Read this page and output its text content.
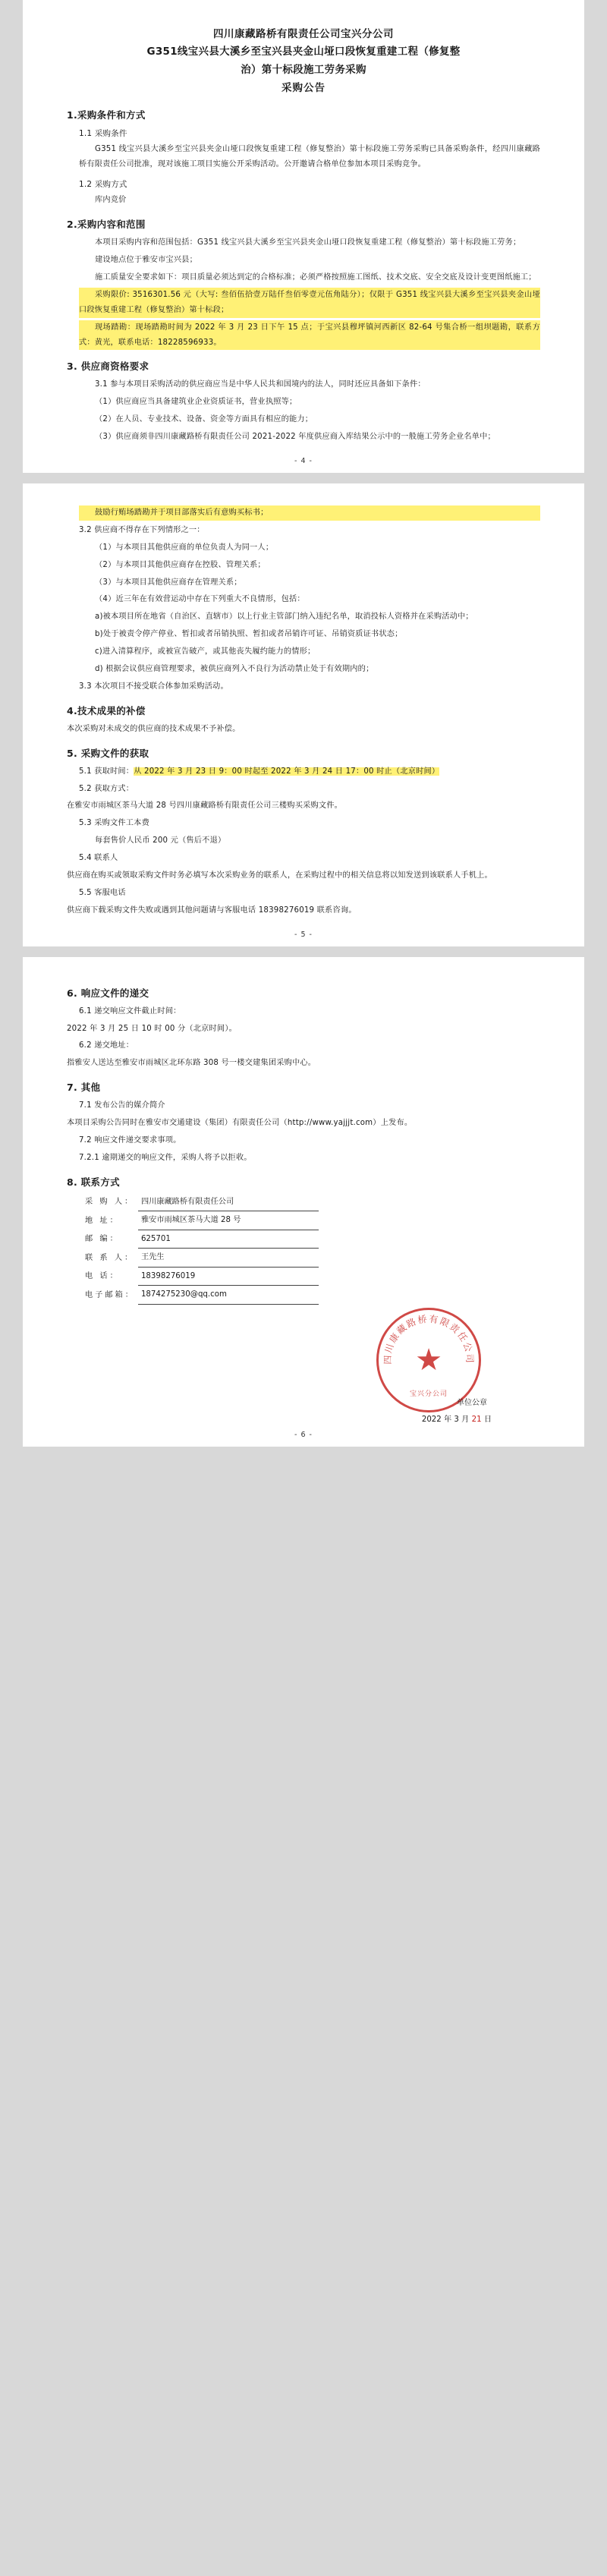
四川康藏路桥有限责任公司宝兴分公司
G351线宝兴县大溪乡至宝兴县夹金山垭口段恢复重建工程（修复整
治）第十标段施工劳务采购
采购公告
1.采购条件和方式
1.1 采购条件

G351 线宝兴县大溪乡至宝兴县夹金山垭口段恢复重建工程（修复整治）第十标段施工劳务采购已具备采购条件，经四川康藏路桥有限责任公司批准，现对该施工项目实施公开采购活动。公开邀请合格单位参加本项目采购竞争。

1.2 采购方式

库内竞价

2.采购内容和范围

本项目采购内容和范围包括：G351 线宝兴县大溪乡至宝兴县夹金山垭口段恢复重建工程（修复整治）第十标段施工劳务；

建设地点位于雅安市宝兴县；

施工质量安全要求如下：项目质量必须达到定的合格标准；必须严格按照施工图纸、技术交底、安全交底及设计变更图纸施工；

采购限价: 3516301.56 元（大写: 叁佰伍拾壹万陆仟叁佰零壹元伍角陆分）；仅限于 G351 线宝兴县大溪乡至宝兴县夹金山垭口段恢复重建工程（修复整治）第十标段；

现场踏勘：现场踏勘时间为 2022 年 3 月 23 日下午 15 点；于宝兴县穆坪镇河西新区 82-64 号集合桥一组坝题勘，联系方式：黄光，联系电话：18228596933。

3. 供应商资格要求

3.1 参与本项目采购活动的供应商应当是中华人民共和国境内的法人，同时还应具备如下条件：

（1）供应商应当具备建筑业企业资质证书，营业执照等；

（2）在人员、专业技术、设备、资金等方面具有相应的能力；

（3）供应商须非四川康藏路桥有限责任公司 2021-2022 年度供应商入库结果公示中的一般施工劳务企业名单中；

- 4 -

鼓励行贿场踏勘并于项目部落实后有意购买标书；

3.2 供应商不得存在下列情形之一：

（1）与本项目其他供应商的单位负责人为同一人；

（2）与本项目其他供应商存在控股、管理关系；

（3）与本项目其他供应商存在管理关系；

（4）近三年在有效营运动中存在下列重大不良情形，包括：

a)被本项目所在地省（自治区、直辖市）以上行业主管部门纳入违纪名单，取消投标人资格并在采购活动中；

b)处于被责令停产停业、暂扣或者吊销执照、暂扣或者吊销许可证、吊销资质证书状态；

c)进入清算程序，或被宣告破产，或其他丧失履约能力的情形；

d) 根据会议供应商管理要求，被供应商列入不良行为活动禁止处于有效期内的；

3.3 本次项目不接受联合体参加采购活动。

4.技术成果的补偿

本次采购对未成交的供应商的技术成果不予补偿。

5. 采购文件的获取

5.1 获取时间：从 2022 年 3 月 23 日 9：00 时起至 2022 年 3 月 24 日 17：00 时止（北京时间）

5.2 获取方式：

在雅安市雨城区茶马大道 28 号四川康藏路桥有限责任公司三楼购买采购文件。

5.3 采购文件工本费

每套售价人民币 200 元（售后不退）

5.4 联系人

供应商在购买或领取采购文件时务必填写本次采购业务的联系人，在采购过程中的相关信息将以知发送到该联系人手机上。

5.5 客服电话

供应商下载采购文件失败或遇到其他问题请与客服电话 18398276019 联系咨询。

- 5 -
6. 响应文件的递交

6.1 递交响应文件截止时间：

2022 年 3 月 25 日 10 时 00 分（北京时间）。

6.2 递交地址：

指雅安人送达至雅安市雨城区北环东路 308 号一楼交建集团采购中心。

7. 其他

7.1 发布公告的媒介简介

本项目采购公告同时在雅安市交通建设（集团）有限责任公司（http://www.yajjjt.com）上发布。

7.2 响应文件递交要求事项。

7.2.1 逾期递交的响应文件，采购人将予以拒收。

8. 联系方式
采 购 人：	四川康藏路桥有限责任公司
地 址：	雅安市雨城区茶马大道 28 号
邮 编：	625701
联 系 人：	王先生
电 话：	18398276019
电子邮箱：	1874275230@qq.com
四川康藏路桥有限责任公司
★
宝兴分公司
单位公章
2022 年 3 月 21 日
- 6 -
